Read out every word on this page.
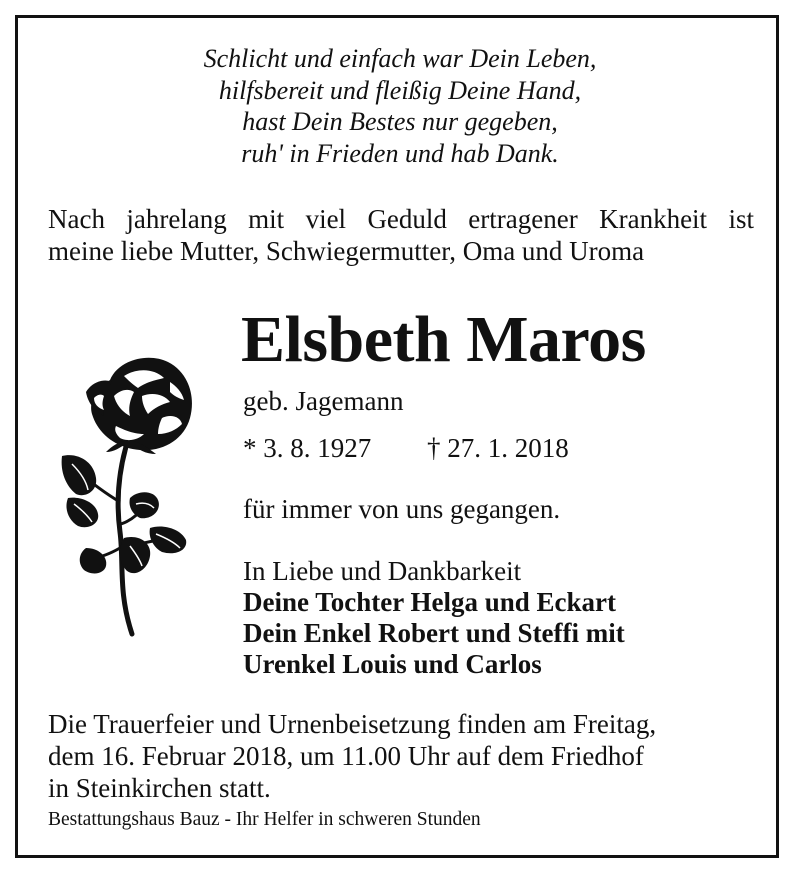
Schlicht und einfach war Dein Leben,
hilfsbereit und fleißig Deine Hand,
hast Dein Bestes nur gegeben,
ruh' in Frieden und hab Dank.
Nach jahrelang mit viel Geduld ertragener Krankheit ist
meine liebe Mutter, Schwiegermutter, Oma und Uroma
Elsbeth Maros
geb. Jagemann
* 3. 8. 1927 † 27. 1. 2018
für immer von uns gegangen.
In Liebe und Dankbarkeit
Deine Tochter Helga und Eckart
Dein Enkel Robert und Steffi mit
Urenkel Louis und Carlos
Die Trauerfeier und Urnenbeisetzung finden am Freitag,
dem 16. Februar 2018, um 11.00 Uhr auf dem Friedhof
in Steinkirchen statt.
Bestattungshaus Bauz - Ihr Helfer in schweren Stunden
